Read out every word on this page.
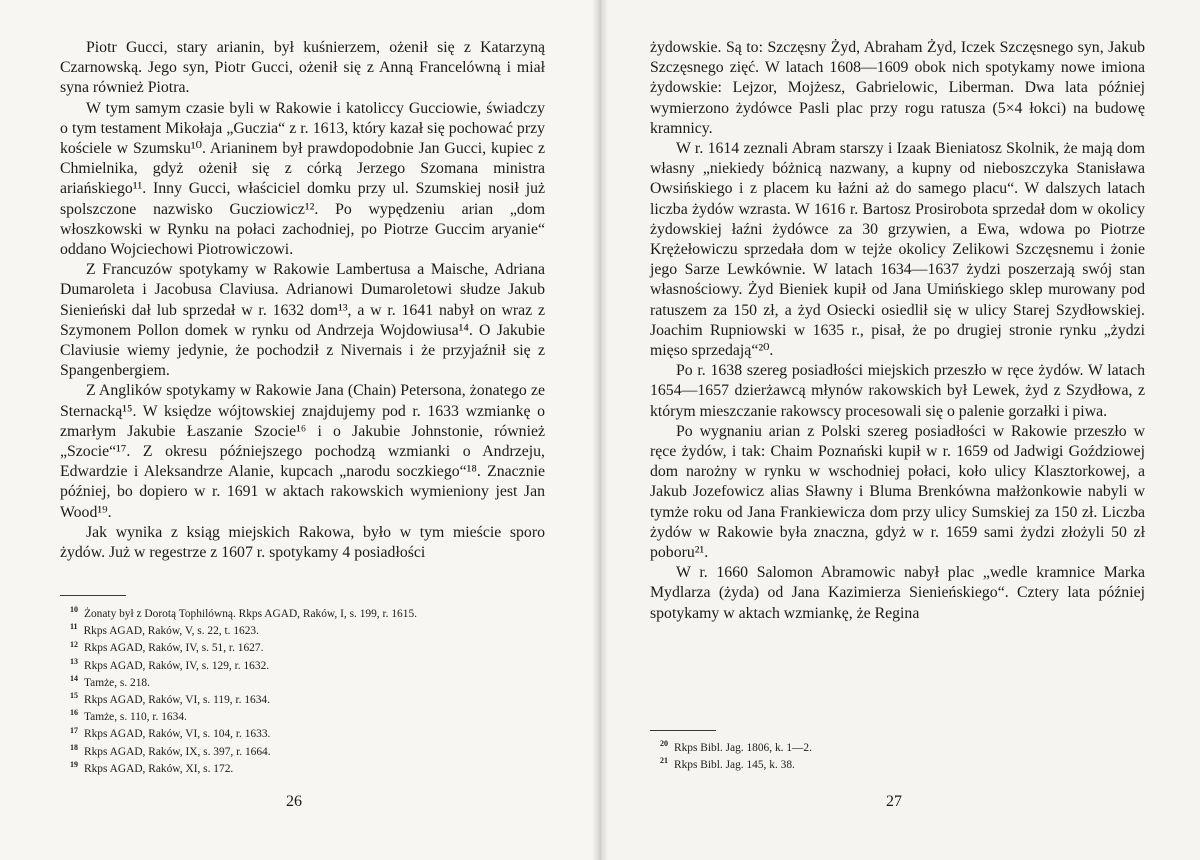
Piotr Gucci, stary arianin, był kuśnierzem, ożenił się z Katarzyną Czarnowską. Jego syn, Piotr Gucci, ożenił się z Anną Francelówną i miał syna również Piotra.

W tym samym czasie byli w Rakowie i katoliccy Gucciowie, świadczy o tym testament Mikołaja „Guczia“ z r. 1613, który kazał się pochować przy kościele w Szumsku¹⁰. Arianinem był prawdopodobnie Jan Gucci, kupiec z Chmielnika, gdyż ożenił się z córką Jerzego Szomana ministra ariańskiego¹¹. Inny Gucci, właściciel domku przy ul. Szumskiej nosił już spolszczone nazwisko Gucziowicz¹². Po wypędzeniu arian „dom włoszkowski w Rynku na połaci zachodniej, po Piotrze Guccim aryanie“ oddano Wojciechowi Piotrowiczowi.

Z Francuzów spotykamy w Rakowie Lambertusa a Maische, Adriana Dumaroleta i Jacobusa Claviusa. Adrianowi Dumaroletowi słudze Jakub Sienieński dał lub sprzedał w r. 1632 dom¹³, a w r. 1641 nabył on wraz z Szymonem Pollon domek w rynku od Andrzeja Wojdowiusa¹⁴. O Jakubie Claviusie wiemy jedynie, że pochodził z Nivernais i że przyjaźnił się z Spangenbergiem.

Z Anglików spotykamy w Rakowie Jana (Chain) Petersona, żonatego ze Sternacką¹⁵. W księdze wójtowskiej znajdujemy pod r. 1633 wzmiankę o zmarłym Jakubie Łaszanie Szocie¹⁶ i o Jakubie Johnstonie, również „Szocie“¹⁷. Z okresu późniejszego pochodzą wzmianki o Andrzeju, Edwardzie i Aleksandrze Alanie, kupcach „narodu soczkiego“¹⁸. Znacznie później, bo dopiero w r. 1691 w aktach rakowskich wymieniony jest Jan Wood¹⁹.

Jak wynika z ksiąg miejskich Rakowa, było w tym mieście sporo żydów. Już w regestrze z 1607 r. spotykamy 4 posiadłości

$^{10}$ Żonaty był z Dorotą Tophilówną. Rkps AGAD, Raków, I, s. 199, r. 1615.
$^{11}$ Rkps AGAD, Raków, V, s. 22, t. 1623.
$^{12}$ Rkps AGAD, Raków, IV, s. 51, r. 1627.
$^{13}$ Rkps AGAD, Raków, IV, s. 129, r. 1632.
$^{14}$ Tamże, s. 218.
$^{15}$ Rkps AGAD, Raków, VI, s. 119, r. 1634.
$^{16}$ Tamże, s. 110, r. 1634.
$^{17}$ Rkps AGAD, Raków, VI, s. 104, r. 1633.
$^{18}$ Rkps AGAD, Raków, IX, s. 397, r. 1664.
$^{19}$ Rkps AGAD, Raków, XI, s. 172.
26

żydowskie. Są to: Szczęsny Żyd, Abraham Żyd, Iczek Szczęsnego syn, Jakub Szczęsnego zięć. W latach 1608—1609 obok nich spotykamy nowe imiona żydowskie: Lejzor, Mojżesz, Gabrielowic, Liberman. Dwa lata później wymierzono żydówce Pasli plac przy rogu ratusza (5×4 łokci) na budowę kramnicy.

W r. 1614 zeznali Abram starszy i Izaak Bieniatosz Skolnik, że mają dom własny „niekiedy bóżnicą nazwany, a kupny od nieboszczyka Stanisława Owsińskiego i z placem ku łaźni aż do samego placu“. W dalszych latach liczba żydów wzrasta. W 1616 r. Bartosz Prosirobota sprzedał dom w okolicy żydowskiej łaźni żydówce za 30 grzywien, a Ewa, wdowa po Piotrze Krężełowiczu sprzedała dom w tejże okolicy Zelikowi Szczęsnemu i żonie jego Sarze Lewkównie. W latach 1634—1637 żydzi poszerzają swój stan własnościowy. Żyd Bieniek kupił od Jana Umińskiego sklep murowany pod ratuszem za 150 zł, a żyd Osiecki osiedlił się w ulicy Starej Szydłowskiej. Joachim Rupniowski w 1635 r., pisał, że po drugiej stronie rynku „żydzi mięso sprzedają“²⁰.

Po r. 1638 szereg posiadłości miejskich przeszło w ręce żydów. W latach 1654—1657 dzierżawcą młynów rakowskich był Lewek, żyd z Szydłowa, z którym mieszczanie rakowscy procesowali się o palenie gorzałki i piwa.

Po wygnaniu arian z Polski szereg posiadłości w Rakowie przeszło w ręce żydów, i tak: Chaim Poznański kupił w r. 1659 od Jadwigi Goździowej dom narożny w rynku w wschodniej połaci, koło ulicy Klasztorkowej, a Jakub Jozefowicz alias Sławny i Bluma Brenkówna małżonkowie nabyli w tymże roku od Jana Frankiewicza dom przy ulicy Sumskiej za 150 zł. Liczba żydów w Rakowie była znaczna, gdyż w r. 1659 sami żydzi złożyli 50 zł poboru²¹.

W r. 1660 Salomon Abramowic nabył plac „wedle kramnice Marka Mydlarza (żyda) od Jana Kazimierza Sienieńskiego“. Cztery lata później spotykamy w aktach wzmiankę, że Regina

$^{20}$ Rkps Bibl. Jag. 1806, k. 1—2.
$^{21}$ Rkps Bibl. Jag. 145, k. 38.
27
